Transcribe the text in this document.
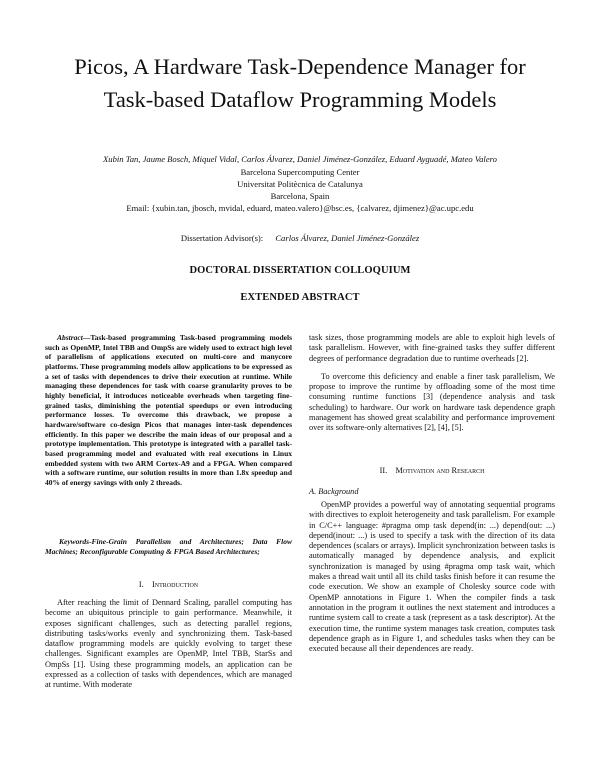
Picos, A Hardware Task-Dependence Manager for
Task-based Dataflow Programming Models
Xubin Tan, Jaume Bosch, Miquel Vidal, Carlos Álvarez, Daniel Jiménez-González, Eduard Ayguadé, Mateo Valero
Barcelona Supercomputing Center
Universitat Politècnica de Catalunya
Barcelona, Spain
Email: {xubin.tan, jbosch, mvidal, eduard, mateo.valero}@bsc.es, {calvarez, djimenez}@ac.upc.edu
Dissertation Advisor(s): Carlos Álvarez, Daniel Jiménez-González
DOCTORAL DISSERTATION COLLOQUIUM
EXTENDED ABSTRACT
Abstract—Task-based programming Task-based programming models such as OpenMP, Intel TBB and OmpSs are widely used to extract high level of parallelism of applications executed on multi-core and manycore platforms. These programming models allow applications to be expressed as a set of tasks with dependences to drive their execution at runtime. While managing these dependences for task with coarse granularity proves to be highly beneficial, it introduces noticeable overheads when targeting fine-grained tasks, diminishing the potential speedups or even introducing performance losses. To overcome this drawback, we propose a hardware/software co-design Picos that manages inter-task dependences efficiently. In this paper we describe the main ideas of our proposal and a prototype implementation. This prototype is integrated with a parallel task-based programming model and evaluated with real executions in Linux embedded system with two ARM Cortex-A9 and a FPGA. When compared with a software runtime, our solution results in more than 1.8x speedup and 40% of energy savings with only 2 threads.
Keywords-Fine-Grain Parallelism and Architectures; Data Flow Machines; Reconfigurable Computing & FPGA Based Architectures;
I. Introduction

After reaching the limit of Dennard Scaling, parallel computing has become an ubiquitous principle to gain performance. Meanwhile, it exposes significant challenges, such as detecting parallel regions, distributing tasks/works evenly and synchronizing them. Task-based dataflow programming models are quickly evolving to target these challenges. Significant examples are OpenMP, Intel TBB, StarSs and OmpSs [1]. Using these programming models, an application can be expressed as a collection of tasks with dependences, which are managed at runtime. With moderate

task sizes, those programming models are able to exploit high levels of task parallelism. However, with fine-grained tasks they suffer different degrees of performance degradation due to runtime overheads [2].

To overcome this deficiency and enable a finer task parallelism, We propose to improve the runtime by offloading some of the most time consuming runtime functions [3] (dependence analysis and task scheduling) to hardware. Our work on hardware task dependence graph management has showed great scalability and performance improvement over its software-only alternatives [2], [4], [5].

II. Motivation and Research
A. Background

OpenMP provides a powerful way of annotating sequential programs with directives to exploit heterogeneity and task parallelism. For example in C/C++ language: #pragma omp task depend(in: ...) depend(out: ...) depend(inout: ...) is used to specify a task with the direction of its data dependences (scalars or arrays). Implicit synchronization between tasks is automatically managed by dependence analysis, and explicit synchronization is managed by using #pragma omp task wait, which makes a thread wait until all its child tasks finish before it can resume the code execution. We show an example of Cholesky source code with OpenMP annotations in Figure 1. When the compiler finds a task annotation in the program it outlines the next statement and introduces a runtime system call to create a task (represent as a task descriptor). At the execution time, the runtime system manages task creation, computes task dependence graph as in Figure 1, and schedules tasks when they can be executed because all their dependences are ready.
